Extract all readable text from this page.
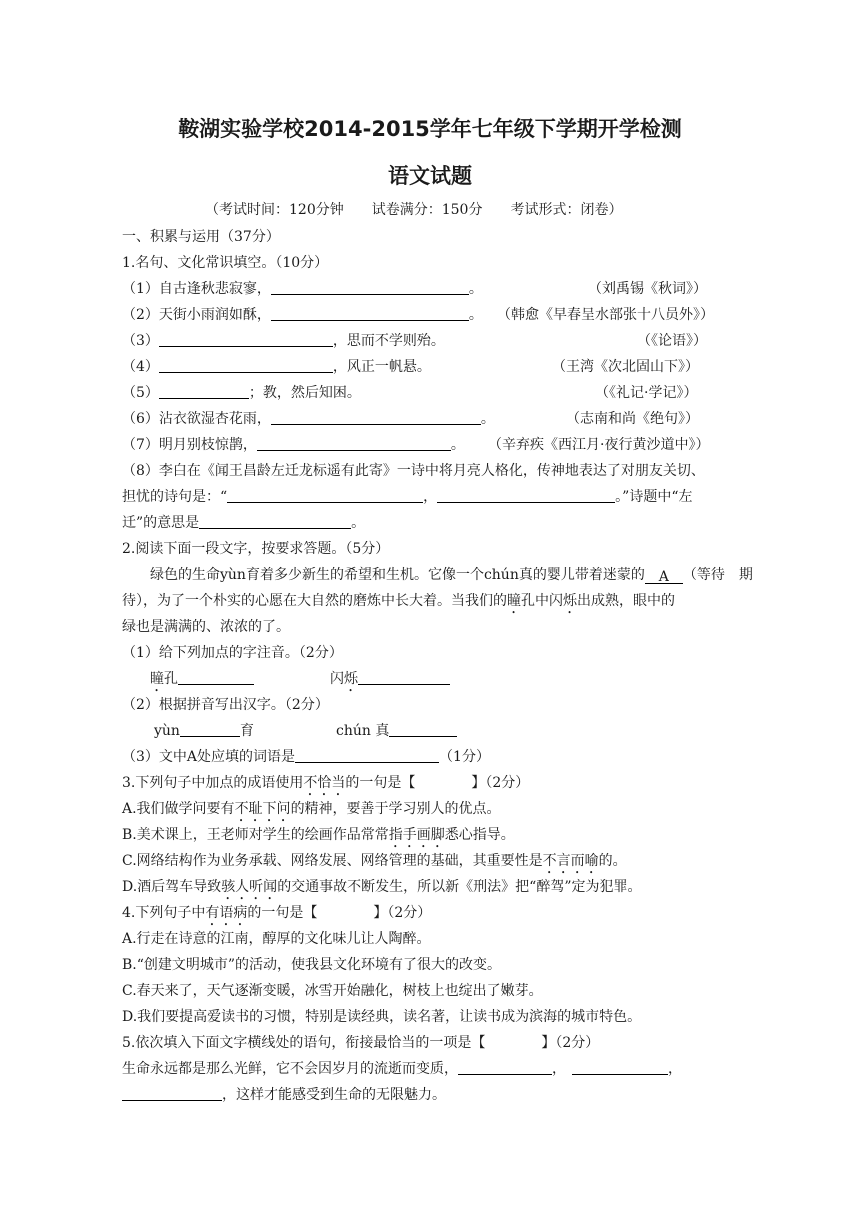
鞍湖实验学校2014-2015学年七年级下学期开学检测
语文试题
（考试时间：120分钟　　试卷满分：150分　　考试形式：闭卷）
一、积累与运用（37分）
1.名句、文化常识填空。（10分）
（1）自古逢秋悲寂寥，	。	（刘禹锡《秋词》）
（2）天街小雨润如酥，	。 （韩愈《早春呈水部张十八员外》）
（3）	，思而不学则殆。	（《论语》）
（4）	，风正一帆悬。	（王湾《次北固山下》）
（5）	；教，然后知困。	（《礼记·学记》）
（6）沾衣欲湿杏花雨，	。	（志南和尚《绝句》）
（7）明月别枝惊鹊，	。 （辛弃疾《西江月·夜行黄沙道中》）
（8）李白在《闻王昌龄左迁龙标遥有此寄》一诗中将月亮人格化，传神地表达了对朋友关切、
担忧的诗句是：“	，	。”诗题中“左
迁”的意思是	。
2.阅读下面一段文字，按要求答题。（5分）
绿色的生命yùn育着多少新生的希望和生机。它像一个chún真的婴儿带着迷蒙的 A （等待　期
待），为了一个朴实的心愿在大自然的磨炼中长大着。当我们的瞳孔中闪烁出成熟，眼中的
绿也是满满的、浓浓的了。
（1）给下列加点的字注音。（2分）
瞳孔	闪烁
（2）根据拼音写出汉字。（2分）
yùn	育	chún 真
（3）文中A处应填的词语是	（1分）
3.下列句子中加点的成语使用不恰当的一句是【　　　　】（2分）
A.我们做学问要有不耻下问的精神，要善于学习别人的优点。
B.美术课上，王老师对学生的绘画作品常常指手画脚悉心指导。
C.网络结构作为业务承载、网络发展、网络管理的基础，其重要性是不言而喻的。
D.酒后驾车导致骇人听闻的交通事故不断发生，所以新《刑法》把“醉驾”定为犯罪。
4.下列句子中有语病的一句是【　　　　】（2分）
A.行走在诗意的江南，醇厚的文化味儿让人陶醉。
B.“创建文明城市”的活动，使我县文化环境有了很大的改变。
C.春天来了，天气逐渐变暖，冰雪开始融化，树枝上也绽出了嫩芽。
D.我们要提高爱读书的习惯，特别是读经典，读名著，让读书成为滨海的城市特色。
5.依次填入下面文字横线处的语句，衔接最恰当的一项是【　　　　】（2分）
生命永远都是那么光鲜，它不会因岁月的流逝而变质，	，	，
，这样才能感受到生命的无限魅力。
